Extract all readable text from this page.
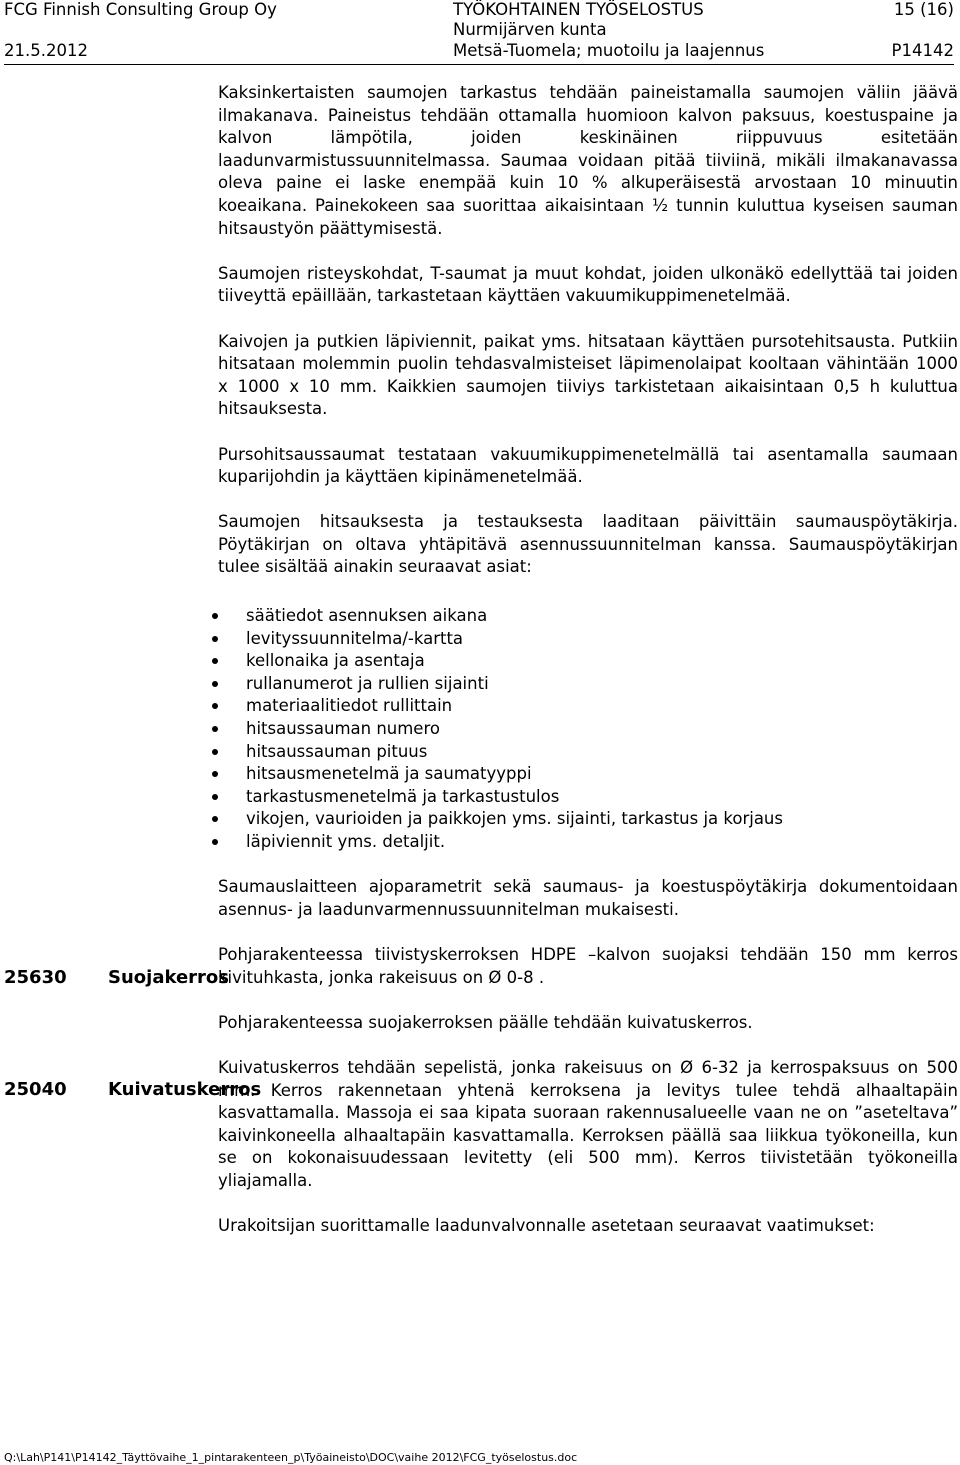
FCG Finnish Consulting Group Oy
21.5.2012
TYÖKOHTAINEN TYÖSELOSTUS
Nurmijärven kunta
Metsä-Tuomela; muotoilu ja laajennus
15 (16)
P14142

Kaksinkertaisten saumojen tarkastus tehdään paineistamalla saumojen väliin jäävä ilmakanava. Paineistus tehdään ottamalla huomioon kalvon paksuus, koestuspaine ja kalvon lämpötila, joiden keskinäinen riippuvuus esitetään laadunvarmistussuunnitelmassa. Saumaa voidaan pitää tiiviinä, mikäli ilmakanavassa oleva paine ei laske enempää kuin 10 % alkuperäisestä arvostaan 10 minuutin koeaikana. Painekokeen saa suorittaa aikaisintaan ½ tunnin kuluttua kyseisen sauman hitsaustyön päättymisestä.

Saumojen risteyskohdat, T-saumat ja muut kohdat, joiden ulkonäkö edellyttää tai joiden tiiveyttä epäillään, tarkastetaan käyttäen vakuumikuppimenetelmää.

Kaivojen ja putkien läpiviennit, paikat yms. hitsataan käyttäen pursotehitsausta. Putkiin hitsataan molemmin puolin tehdasvalmisteiset läpimenolaipat kooltaan vähintään 1000 x 1000 x 10 mm. Kaikkien saumojen tiiviys tarkistetaan aikaisintaan 0,5 h kuluttua hitsauksesta.

Pursohitsaussaumat testataan vakuumikuppimenetelmällä tai asentamalla saumaan kuparijohdin ja käyttäen kipinämenetelmää.

Saumojen hitsauksesta ja testauksesta laaditaan päivittäin saumauspöytäkirja. Pöytäkirjan on oltava yhtäpitävä asennussuunnitelman kanssa. Saumauspöytäkirjan tulee sisältää ainakin seuraavat asiat:

säätiedot asennuksen aikana
levityssuunnitelma/-kartta
kellonaika ja asentaja
rullanumerot ja rullien sijainti
materiaalitiedot rullittain
hitsaussauman numero
hitsaussauman pituus
hitsausmenetelmä ja saumatyyppi
tarkastusmenetelmä ja tarkastustulos
vikojen, vaurioiden ja paikkojen yms. sijainti, tarkastus ja korjaus
läpiviennit yms. detaljit.

Saumauslaitteen ajoparametrit sekä saumaus- ja koestuspöytäkirja dokumentoidaan asennus- ja laadunvarmennussuunnitelman mukaisesti.

Pohjarakenteessa tiivistyskerroksen HDPE –kalvon suojaksi tehdään 150 mm kerros kivituhkasta, jonka rakeisuus on Ø 0-8 .

Pohjarakenteessa suojakerroksen päälle tehdään kuivatuskerros.

Kuivatuskerros tehdään sepelistä, jonka rakeisuus on Ø 6-32 ja kerrospaksuus on 500 mm. Kerros rakennetaan yhtenä kerroksena ja levitys tulee tehdä alhaaltapäin kasvattamalla. Massoja ei saa kipata suoraan rakennusalueelle vaan ne on ”aseteltava” kaivinkoneella alhaaltapäin kasvattamalla. Kerroksen päällä saa liikkua työkoneilla, kun se on kokonaisuudessaan levitetty (eli 500 mm). Kerros tiivistetään työkoneilla yliajamalla.

Urakoitsijan suorittamalle laadunvalvonnalle asetetaan seuraavat vaatimukset:

25630 Suojakerros
25040 Kuivatuskerros
Q:\Lah\P141\P14142_Täyttövaihe_1_pintarakenteen_p\Työaineisto\DOC\vaihe 2012\FCG_työselostus.doc
